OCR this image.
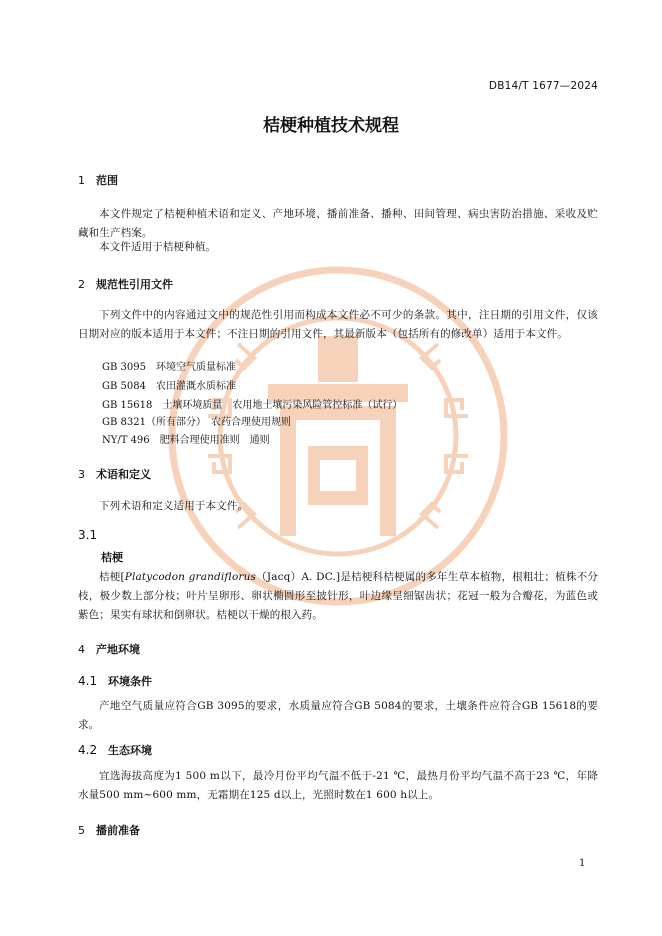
DB14/T 1677—2024
桔梗种植技术规程
1 范围
本文件规定了桔梗种植术语和定义、产地环境、播前准备、播种、田间管理、病虫害防治措施、采收及贮藏和生产档案。
本文件适用于桔梗种植。
2 规范性引用文件
下列文件中的内容通过文中的规范性引用而构成本文件必不可少的条款。其中，注日期的引用文件，仅该日期对应的版本适用于本文件；不注日期的引用文件，其最新版本（包括所有的修改单）适用于本文件。
GB 3095　环境空气质量标准
GB 5084　农田灌溉水质标准
GB 15618　土壤环境质量　农用地土壤污染风险管控标准（试行）
GB 8321（所有部分）　农药合理使用规则
NY/T 496　肥料合理使用准则　通则
3 术语和定义
下列术语和定义适用于本文件。
3.1
桔梗
桔梗[Platycodon grandiflorus（Jacq）A. DC.]是桔梗科桔梗属的多年生草本植物，根粗壮；植株不分枝，极少数上部分枝；叶片呈卵形、卵状椭圆形至披针形，叶边缘呈细锯齿状；花冠一般为合瓣花，为蓝色或紫色；果实有球状和倒卵状。桔梗以干燥的根入药。
4 产地环境
4.1 环境条件
产地空气质量应符合GB 3095的要求，水质量应符合GB 5084的要求，土壤条件应符合GB 15618的要求。
4.2 生态环境
宜选海拔高度为1 500 m以下，最冷月份平均气温不低于-21 ℃，最热月份平均气温不高于23 ℃，年降水量500 mm~600 mm，无霜期在125 d以上，光照时数在1 600 h以上。
5 播前准备
1
